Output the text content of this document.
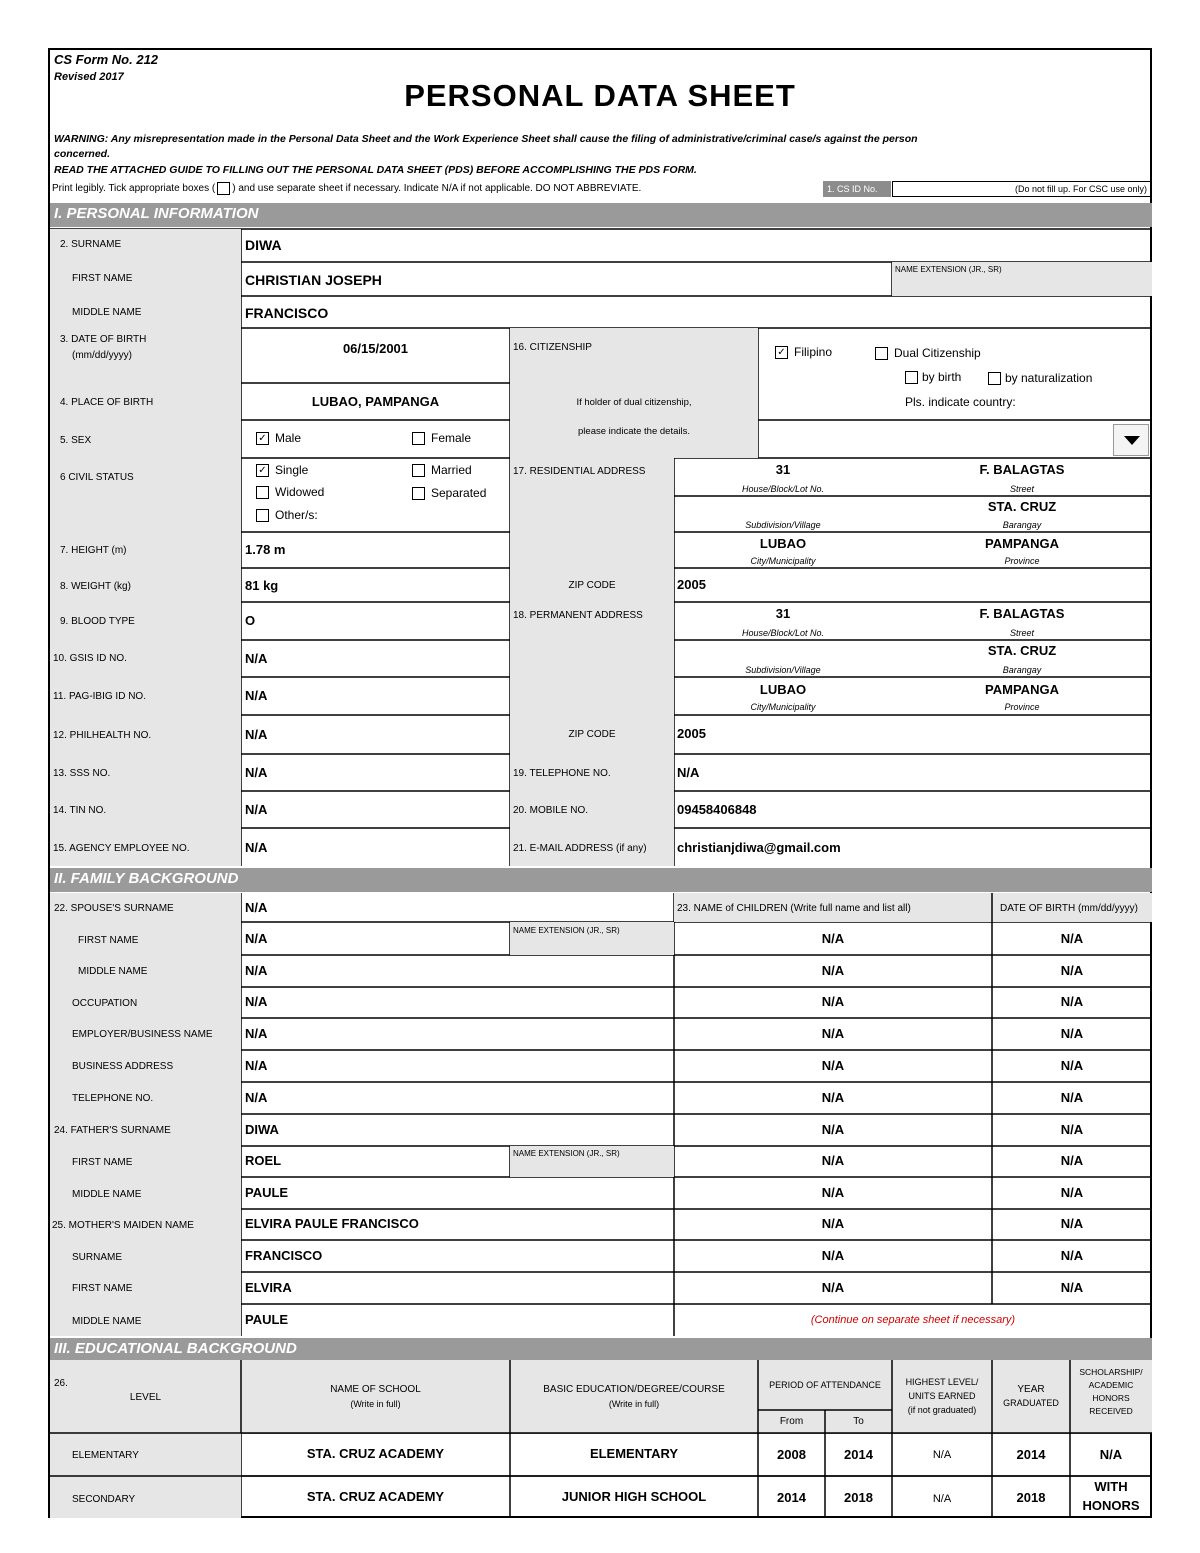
CS Form No. 212
Revised 2017
PERSONAL DATA SHEET
WARNING: Any misrepresentation made in the Personal Data Sheet and the Work Experience Sheet shall cause the filing of administrative/criminal case/s against the person
concerned.
READ THE ATTACHED GUIDE TO FILLING OUT THE PERSONAL DATA SHEET (PDS) BEFORE ACCOMPLISHING THE PDS FORM.
Print legibly. Tick appropriate boxes ( ) and use separate sheet if necessary. Indicate N/A if not applicable. DO NOT ABBREVIATE.	1. CS ID No.	(Do not fill up. For CSC use only)
I. PERSONAL INFORMATION
2. SURNAME	DIWA
FIRST NAME	CHRISTIAN JOSEPH
NAME EXTENSION (JR., SR)
MIDDLE NAME	FRANCISCO
3. DATE OF BIRTH
(mm/dd/yyyy)	06/15/2001
4. PLACE OF BIRTH	LUBAO, PAMPANGA
5. SEX	✓ Male	Female
6 CIVIL STATUS
✓ Single	Married
Widowed	Separated
Other/s:
7. HEIGHT (m)	1.78 m
8. WEIGHT (kg)	81 kg
9. BLOOD TYPE	O
10. GSIS ID NO.	N/A
11. PAG-IBIG ID NO.	N/A
12. PHILHEALTH NO.	N/A
13. SSS NO.	N/A
14. TIN NO.	N/A
15. AGENCY EMPLOYEE NO.	N/A
16. CITIZENSHIP	✓ Filipino	Dual Citizenship
by birth	by naturalization
Pls. indicate country:
If holder of dual citizenship,
please indicate the details.
17. RESIDENTIAL ADDRESS	31	F. BALAGTAS
House/Block/Lot No.	Street
STA. CRUZ
Subdivision/Village	Barangay
LUBAO	PAMPANGA
City/Municipality	Province
ZIP CODE	2005
18. PERMANENT ADDRESS	31	F. BALAGTAS
House/Block/Lot No.	Street
STA. CRUZ
Subdivision/Village	Barangay
LUBAO	PAMPANGA
City/Municipality	Province
ZIP CODE	2005
19. TELEPHONE NO.	N/A
20. MOBILE NO.	09458406848
21. E-MAIL ADDRESS (if any) christianjdiwa@gmail.com
II. FAMILY BACKGROUND
22. SPOUSE'S SURNAME	N/A
FIRST NAME	N/A
NAME EXTENSION (JR., SR)
MIDDLE NAME	N/A
OCCUPATION	N/A
EMPLOYER/BUSINESS NAME N/A
BUSINESS ADDRESS	N/A
TELEPHONE NO.	N/A
24. FATHER'S SURNAME	DIWA
FIRST NAME	ROEL	NAME EXTENSION (JR., SR)
MIDDLE NAME	PAULE
25. MOTHER'S MAIDEN NAME	ELVIRA PAULE FRANCISCO
SURNAME	FRANCISCO
FIRST NAME	ELVIRA
MIDDLE NAME	PAULE
23. NAME of CHILDREN (Write full name and list all)	DATE OF BIRTH (mm/dd/yyyy)
(Continue on separate sheet if necessary)
N/A	N/A
N/A	N/A
N/A	N/A
N/A	N/A
N/A	N/A
N/A	N/A
N/A	N/A
N/A	N/A
N/A	N/A
N/A	N/A
N/A	N/A
N/A	N/A
III. EDUCATIONAL BACKGROUND
26.
LEVEL
NAME OF SCHOOL
(Write in full)
BASIC EDUCATION/DEGREE/COURSE
(Write in full)
PERIOD OF ATTENDANCE
From	To
HIGHEST LEVEL/
UNITS EARNED
(if not graduated)
YEAR
GRADUATED
SCHOLARSHIP/
ACADEMIC
HONORS
RECEIVED
ELEMENTARY	STA. CRUZ ACADEMY	ELEMENTARY	2008	2014	N/A	2014	N/A
SECONDARY	STA. CRUZ ACADEMY	JUNIOR HIGH SCHOOL	2014	2018	N/A	2018
WITH
HONORS
